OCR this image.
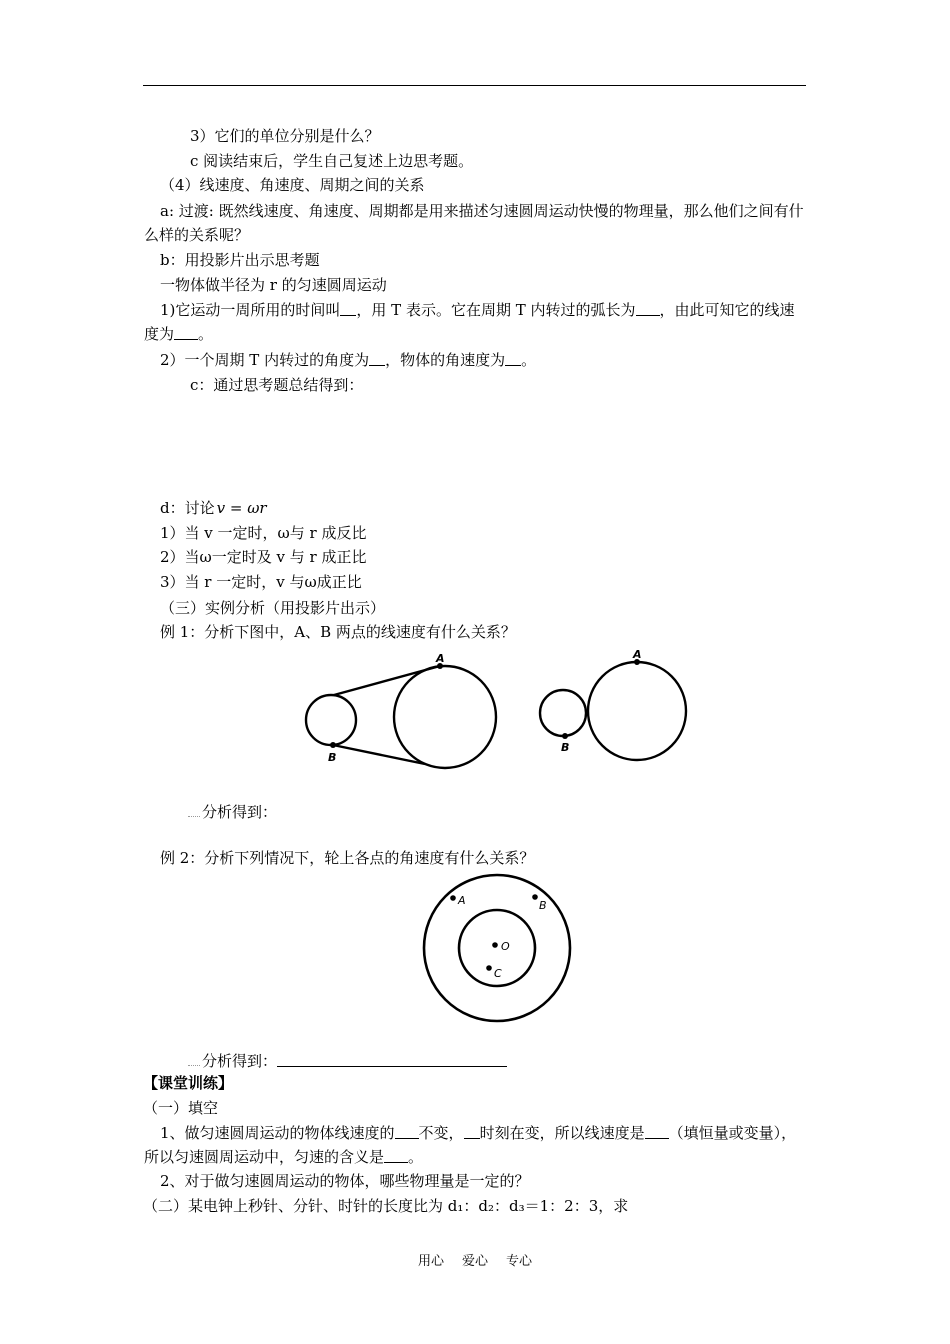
3）它们的单位分别是什么？
c 阅读结束后，学生自己复述上边思考题。
（4）线速度、角速度、周期之间的关系
a: 过渡: 既然线速度、角速度、周期都是用来描述匀速圆周运动快慢的物理量，那么他们之间有什么样的关系呢？
b：用投影片出示思考题
一物体做半径为 r 的匀速圆周运动
1)它运动一周所用的时间叫 ，用 T 表示。它在周期 T 内转过的弧长为 ，由此可知它的线速度为 。
2）一个周期 T 内转过的角度为 ，物体的角速度为 。
c：通过思考题总结得到：
d：讨论 v = ωr
1）当 v 一定时，ω与 r 成反比
2）当ω一定时及 v 与 r 成正比
3）当 r 一定时，v 与ω成正比
（三）实例分析（用投影片出示）
例 1：分析下图中，A、B 两点的线速度有什么关系？
A
B
A
B
分析得到：
例 2：分析下列情况下，轮上各点的角速度有什么关系？
A	B
O
C
分析得到：
【课堂训练】
（一）填空
1、做匀速圆周运动的物体线速度的 不变， 时刻在变，所以线速度是 （填恒量或变量），所以匀速圆周运动中，匀速的含义是 。
2、对于做匀速圆周运动的物体，哪些物理量是一定的？
（二）某电钟上秒针、分针、时针的长度比为 d₁：d₂：d₃＝1：2：3，求
用心 爱心 专心
